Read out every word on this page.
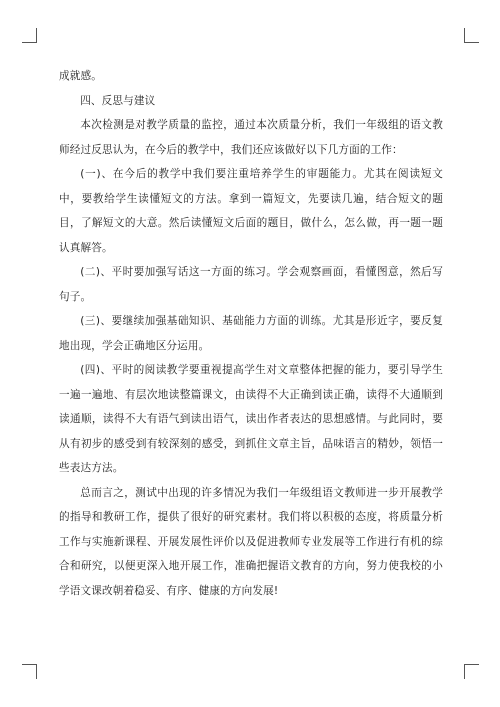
成就感。

四、反思与建议

本次检测是对教学质量的监控，通过本次质量分析，我们一年级组的语文教师经过反思认为，在今后的教学中，我们还应该做好以下几方面的工作：

(一)、在今后的教学中我们要注重培养学生的审题能力。尤其在阅读短文中，要教给学生读懂短文的方法。拿到一篇短文，先要读几遍，结合短文的题目，了解短文的大意。然后读懂短文后面的题目，做什么，怎么做，再一题一题认真解答。

(二)、平时要加强写话这一方面的练习。学会观察画面，看懂图意，然后写句子。

(三)、要继续加强基础知识、基础能力方面的训练。尤其是形近字，要反复地出现，学会正确地区分运用。

(四)、平时的阅读教学要重视提高学生对文章整体把握的能力，要引导学生一遍一遍地、有层次地读整篇课文，由读得不大正确到读正确，读得不大通顺到读通顺，读得不大有语气到读出语气，读出作者表达的思想感情。与此同时，要从有初步的感受到有较深刻的感受，到抓住文章主旨，品味语言的精妙，领悟一些表达方法。

总而言之，测试中出现的许多情况为我们一年级组语文教师进一步开展教学的指导和教研工作，提供了很好的研究素材。我们将以积极的态度，将质量分析工作与实施新课程、开展发展性评价以及促进教师专业发展等工作进行有机的综合和研究，以便更深入地开展工作，准确把握语文教育的方向，努力使我校的小学语文课改朝着稳妥、有序、健康的方向发展!
